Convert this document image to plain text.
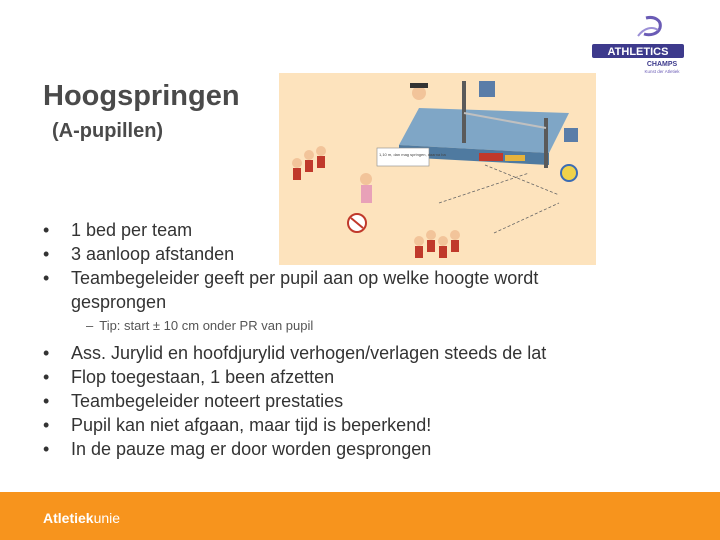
ATHLETICS
CHAMPS
Kunst der Atletiek
Hoogspringen
(A-pupillen)
1,10 m, dan mag springen, daarna ba
• 1 bed per team
• 3 aanloop afstanden
• Teambegeleider geeft per pupil aan op welke hoogte wordt gesprongen
– Tip: start ± 10 cm onder PR van pupil
• Ass. Jurylid en hoofdjurylid verhogen/verlagen steeds de lat
• Flop toegestaan, 1 been afzetten
• Teambegeleider noteert prestaties
• Pupil kan niet afgaan, maar tijd is beperkend!
• In de pauze mag er door worden gesprongen
Atletiekunie
